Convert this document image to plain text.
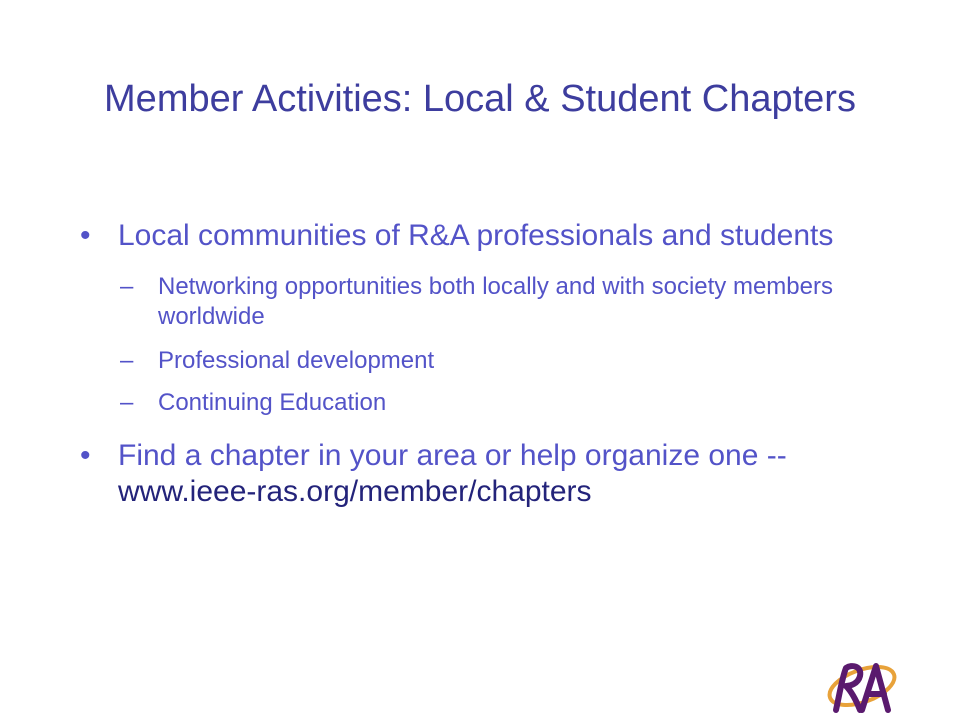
Member Activities: Local & Student Chapters
• Local communities of R&A professionals and students
– Networking opportunities both locally and with society members worldwide
– Professional development
– Continuing Education
• Find a chapter in your area or help organize one -- www.ieee-ras.org/member/chapters
